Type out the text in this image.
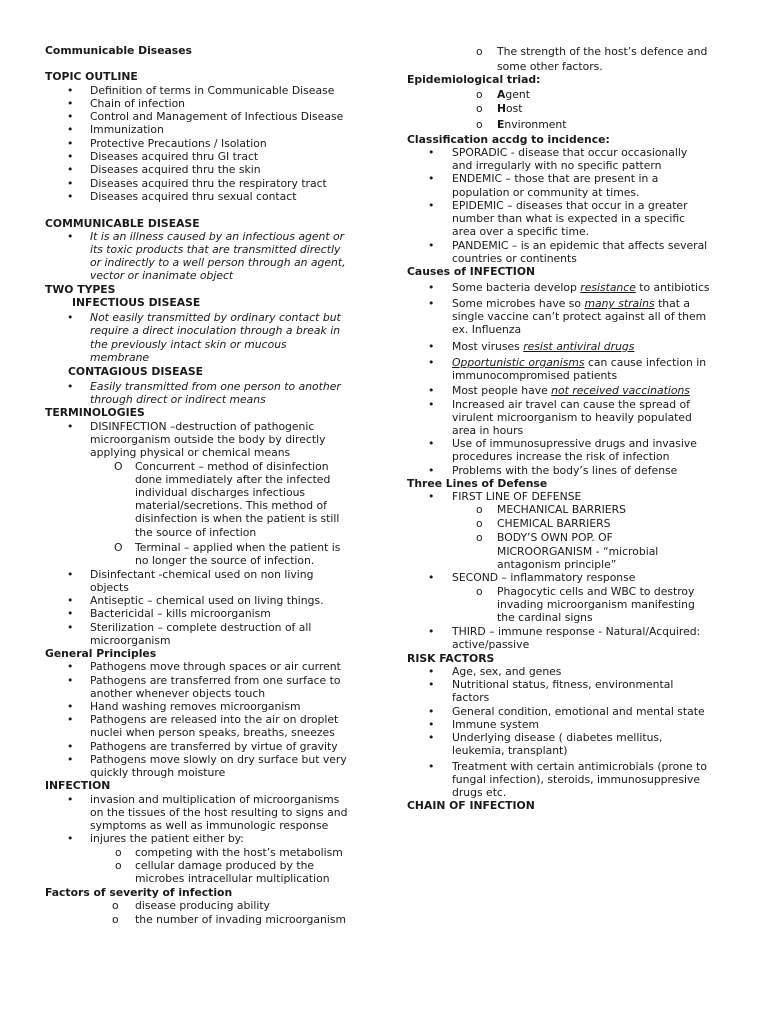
Communicable Diseases
TOPIC OUTLINE
• Definition of terms in Communicable Disease
• Chain of infection
• Control and Management of Infectious Disease
• Immunization
• Protective Precautions / Isolation
• Diseases acquired thru GI tract
• Diseases acquired thru the skin
• Diseases acquired thru the respiratory tract
• Diseases acquired thru sexual contact
COMMUNICABLE DISEASE
• It is an illness caused by an infectious agent or
its toxic products that are transmitted directly
or indirectly to a well person through an agent,
vector or inanimate object
TWO TYPES
INFECTIOUS DISEASE
• Not easily transmitted by ordinary contact but
require a direct inoculation through a break in
the previously intact skin or mucous
membrane
CONTAGIOUS DISEASE
• Easily transmitted from one person to another
through direct or indirect means
TERMINOLOGIES
• DISINFECTION –destruction of pathogenic
microorganism outside the body by directly
applying physical or chemical means
O Concurrent – method of disinfection
done immediately after the infected
individual discharges infectious
material/secretions. This method of
disinfection is when the patient is still
the source of infection
O Terminal – applied when the patient is
no longer the source of infection.
• Disinfectant -chemical used on non living
objects
• Antiseptic – chemical used on living things.
• Bactericidal – kills microorganism
• Sterilization – complete destruction of all
microorganism
General Principles
• Pathogens move through spaces or air current
• Pathogens are transferred from one surface to
another whenever objects touch
• Hand washing removes microorganism
• Pathogens are released into the air on droplet
nuclei when person speaks, breaths, sneezes
• Pathogens are transferred by virtue of gravity
• Pathogens move slowly on dry surface but very
quickly through moisture
INFECTION
• invasion and multiplication of microorganisms
on the tissues of the host resulting to signs and
symptoms as well as immunologic response
• injures the patient either by:
o competing with the host’s metabolism
o cellular damage produced by the
microbes intracellular multiplication
Factors of severity of infection
o disease producing ability
o the number of invading microorganism
o The strength of the host’s defence and
some other factors.
Epidemiological triad:
o Agent
o Host
o Environment
Classification accdg to incidence:
• SPORADIC - disease that occur occasionally
and irregularly with no specific pattern
• ENDEMIC – those that are present in a
population or community at times.
• EPIDEMIC – diseases that occur in a greater
number than what is expected in a specific
area over a specific time.
• PANDEMIC – is an epidemic that affects several
countries or continents
Causes of INFECTION
• Some bacteria develop resistance to antibiotics
• Some microbes have so many strains that a
single vaccine can’t protect against all of them
ex. Influenza
• Most viruses resist antiviral drugs
• Opportunistic organisms can cause infection in
immunocompromised patients
• Most people have not received vaccinations
• Increased air travel can cause the spread of
virulent microorganism to heavily populated
area in hours
• Use of immunosupressive drugs and invasive
procedures increase the risk of infection
• Problems with the body’s lines of defense
Three Lines of Defense
• FIRST LINE OF DEFENSE
o MECHANICAL BARRIERS
o CHEMICAL BARRIERS
o BODY’S OWN POP. OF
MICROORGANISM - “microbial
antagonism principle”
• SECOND – inflammatory response
o Phagocytic cells and WBC to destroy
invading microorganism manifesting
the cardinal signs
• THIRD – immune response - Natural/Acquired:
active/passive
RISK FACTORS
• Age, sex, and genes
• Nutritional status, fitness, environmental
factors
• General condition, emotional and mental state
• Immune system
• Underlying disease ( diabetes mellitus,
leukemia, transplant)
• Treatment with certain antimicrobials (prone to
fungal infection), steroids, immunosuppresive
drugs etc.
CHAIN OF INFECTION
